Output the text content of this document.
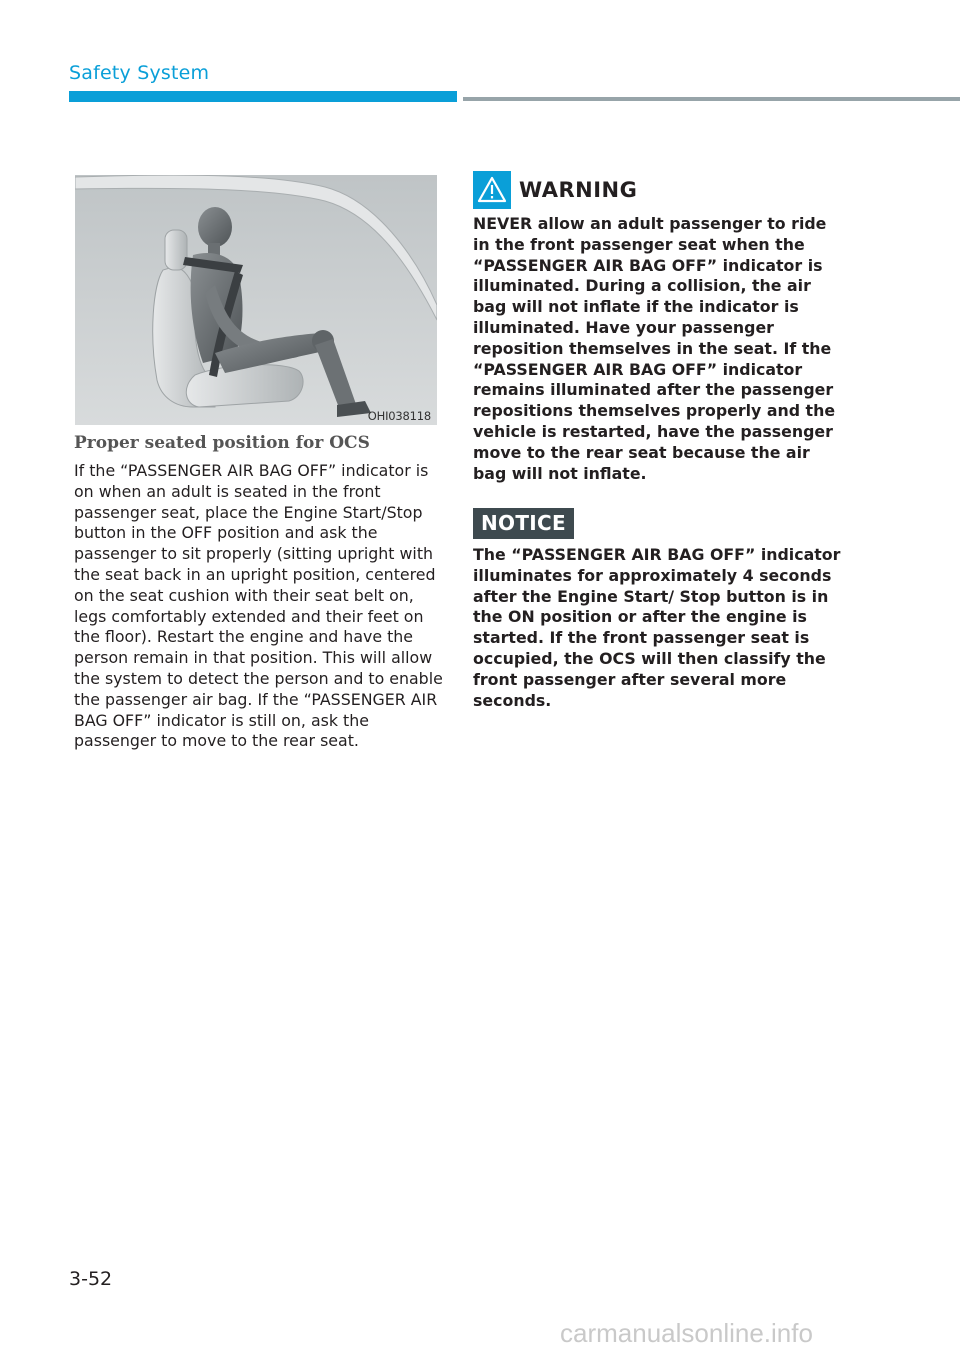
Safety System
OHI038118
Proper seated position for OCS

If the “PASSENGER AIR BAG OFF” indicator is on when an adult is seated in the front passenger seat, place the Engine Start/Stop button in the OFF position and ask the passenger to sit properly (sitting upright with the seat back in an upright position, centered on the seat cushion with their seat belt on, legs comfortably extended and their feet on the floor). Restart the engine and have the person remain in that position. This will allow the system to detect the person and to enable the passenger air bag. If the “PASSENGER AIR BAG OFF” indicator is still on, ask the passenger to move to the rear seat.

WARNING

NEVER allow an adult passenger to ride in the front passenger seat when the “PASSENGER AIR BAG OFF” indicator is illuminated. During a collision, the air bag will not inflate if the indicator is illuminated. Have your passenger reposition themselves in the seat. If the “PASSENGER AIR BAG OFF” indicator remains illuminated after the passenger repositions themselves properly and the vehicle is restarted, have the passenger move to the rear seat because the air bag will not inflate.

NOTICE

The “PASSENGER AIR BAG OFF” indicator illuminates for approximately 4 seconds after the Engine Start/ Stop button is in the ON position or after the engine is started. If the front passenger seat is occupied, the OCS will then classify the front passenger after several more seconds.

3-52
carmanualsonline.info
